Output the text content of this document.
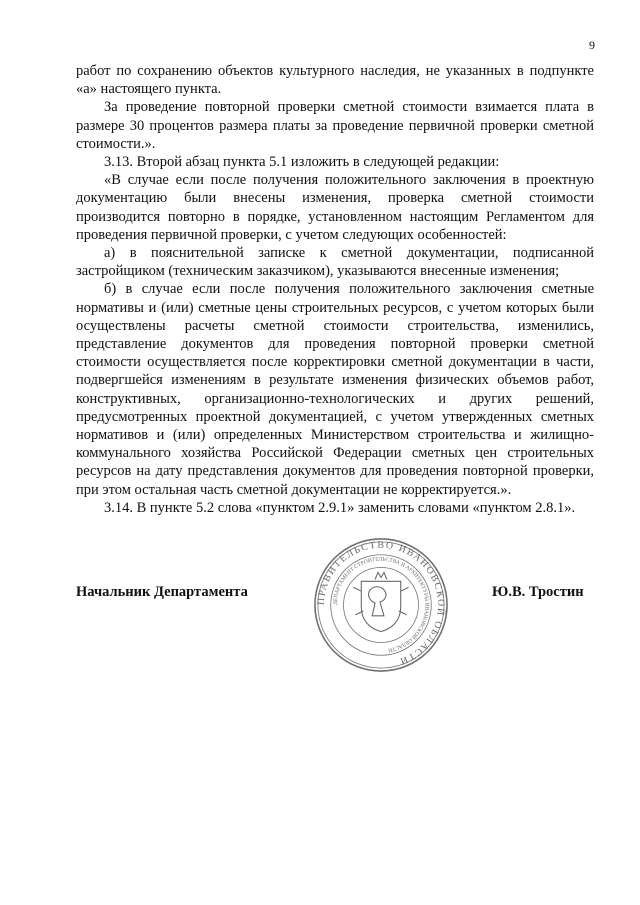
9

работ по сохранению объектов культурного наследия, не указанных в подпункте «а» настоящего пункта.

За проведение повторной проверки сметной стоимости взимается плата в размере 30 процентов размера платы за проведение первичной проверки сметной стоимости.».

3.13. Второй абзац пункта 5.1 изложить в следующей редакции:

«В случае если после получения положительного заключения в проектную документацию были внесены изменения, проверка сметной стоимости производится повторно в порядке, установленном настоящим Регламентом для проведения первичной проверки, с учетом следующих особенностей:

а) в пояснительной записке к сметной документации, подписанной застройщиком (техническим заказчиком), указываются внесенные изменения;

б) в случае если после получения положительного заключения сметные нормативы и (или) сметные цены строительных ресурсов, с учетом которых были осуществлены расчеты сметной стоимости строительства, изменились, представление документов для проведения повторной проверки сметной стоимости осуществляется после корректировки сметной документации в части, подвергшейся изменениям в результате изменения физических объемов работ, конструктивных, организационно-технологических и других решений, предусмотренных проектной документацией, с учетом утвержденных сметных нормативов и (или) определенных Министерством строительства и жилищно-коммунального хозяйства Российской Федерации сметных цен строительных ресурсов на дату представления документов для проведения повторной проверки, при этом остальная часть сметной документации не корректируется.».

3.14. В пункте 5.2 слова «пунктом 2.9.1» заменить словами «пунктом 2.8.1».

Начальник Департамента
ПРАВИТЕЛЬСТВО ИВАНОВСКОЙ ОБЛАСТИ
ДЕПАРТАМЕНТ СТРОИТЕЛЬСТВА И АРХИТЕКТУРЫ ИВАНОВСКОЙ ОБЛАСТИ
Ю.В. Тростин
